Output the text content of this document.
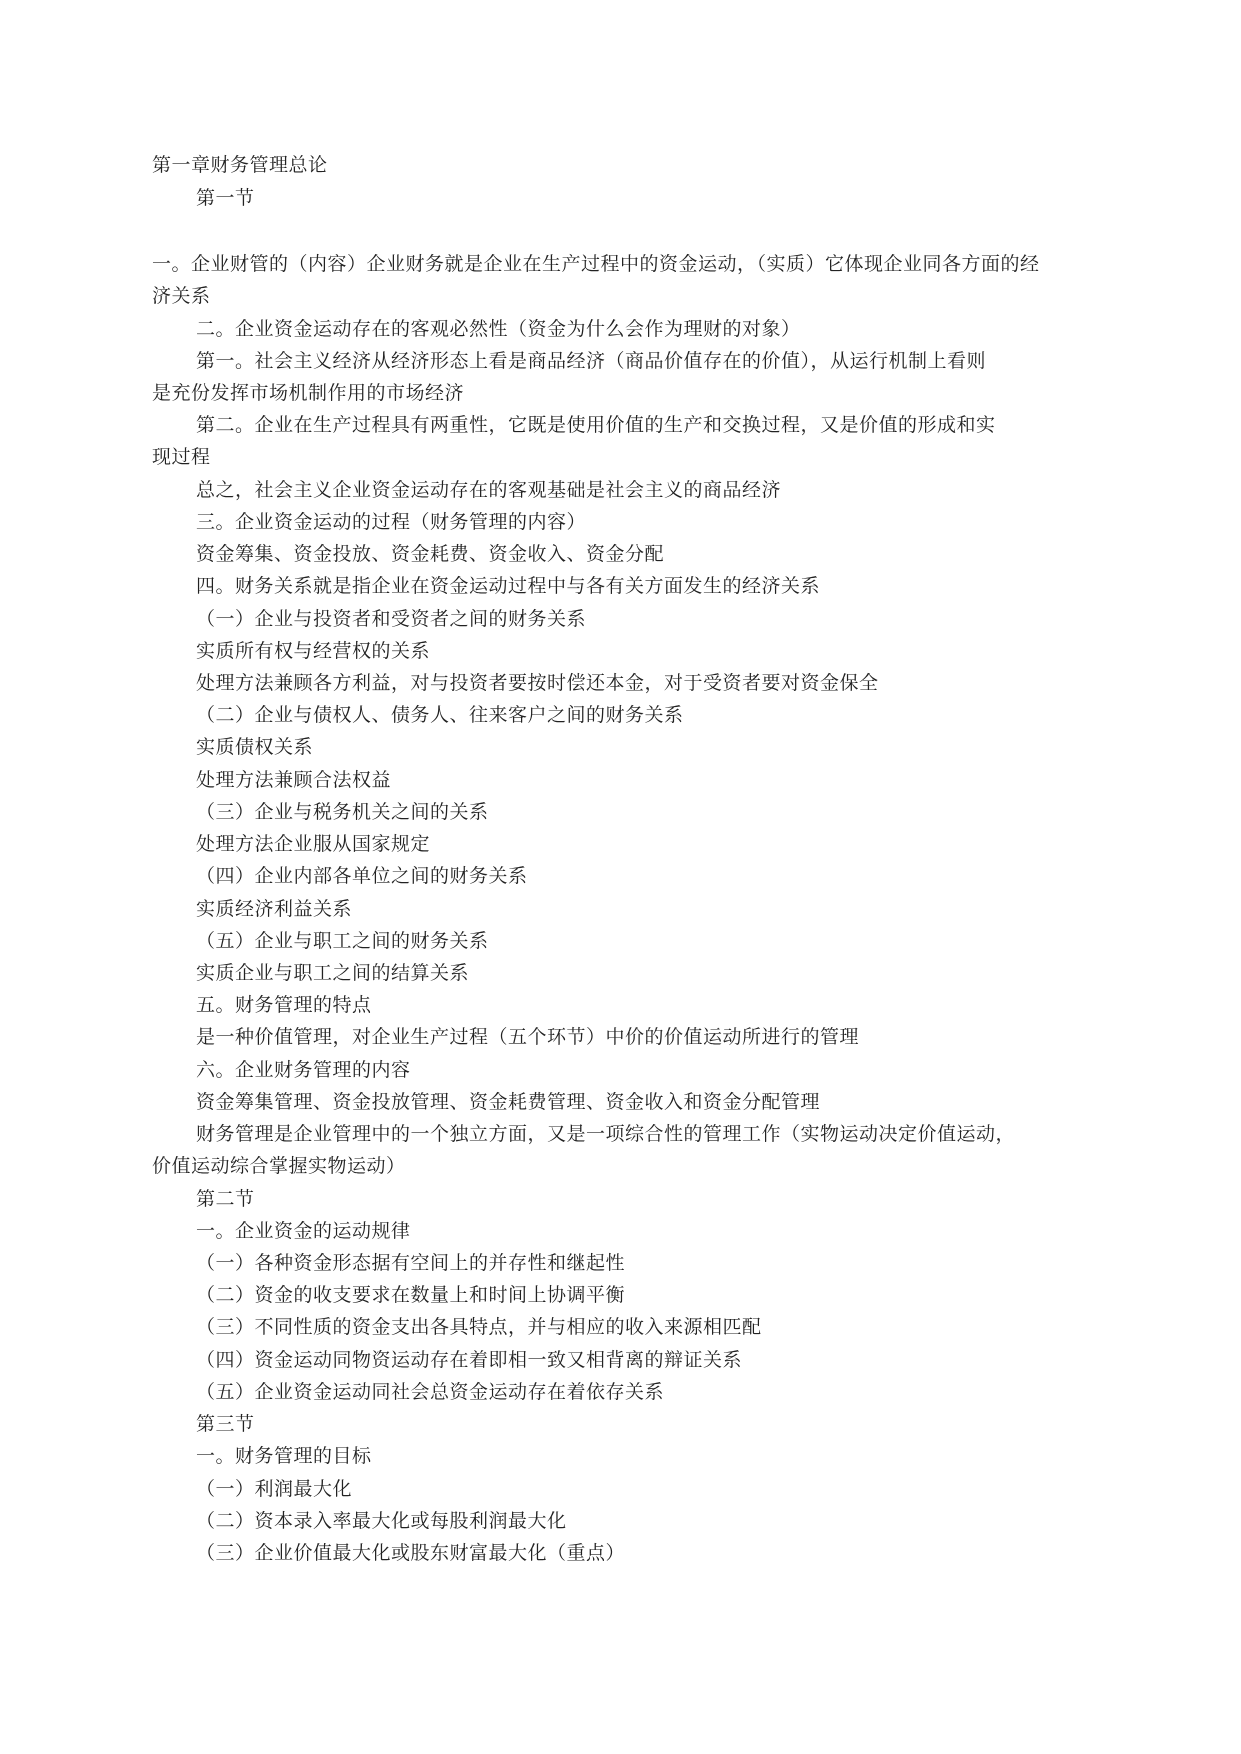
第一章财务管理总论
第一节
一。企业财管的（内容）企业财务就是企业在生产过程中的资金运动，（实质）它体现企业同各方面的经
济关系
二。企业资金运动存在的客观必然性（资金为什么会作为理财的对象）
第一。社会主义经济从经济形态上看是商品经济（商品价值存在的价值），从运行机制上看则
是充份发挥市场机制作用的市场经济
第二。企业在生产过程具有两重性，它既是使用价值的生产和交换过程，又是价值的形成和实
现过程
总之，社会主义企业资金运动存在的客观基础是社会主义的商品经济
三。企业资金运动的过程（财务管理的内容）
资金筹集、资金投放、资金耗费、资金收入、资金分配
四。财务关系就是指企业在资金运动过程中与各有关方面发生的经济关系
（一）企业与投资者和受资者之间的财务关系
实质所有权与经营权的关系
处理方法兼顾各方利益，对与投资者要按时偿还本金，对于受资者要对资金保全
（二）企业与债权人、债务人、往来客户之间的财务关系
实质债权关系
处理方法兼顾合法权益
（三）企业与税务机关之间的关系
处理方法企业服从国家规定
（四）企业内部各单位之间的财务关系
实质经济利益关系
（五）企业与职工之间的财务关系
实质企业与职工之间的结算关系
五。财务管理的特点
是一种价值管理，对企业生产过程（五个环节）中价的价值运动所进行的管理
六。企业财务管理的内容
资金筹集管理、资金投放管理、资金耗费管理、资金收入和资金分配管理
财务管理是企业管理中的一个独立方面，又是一项综合性的管理工作（实物运动决定价值运动，
价值运动综合掌握实物运动）
第二节
一。企业资金的运动规律
（一）各种资金形态据有空间上的并存性和继起性
（二）资金的收支要求在数量上和时间上协调平衡
（三）不同性质的资金支出各具特点，并与相应的收入来源相匹配
（四）资金运动同物资运动存在着即相一致又相背离的辩证关系
（五）企业资金运动同社会总资金运动存在着依存关系
第三节
一。财务管理的目标
（一）利润最大化
（二）资本录入率最大化或每股利润最大化
（三）企业价值最大化或股东财富最大化（重点）
